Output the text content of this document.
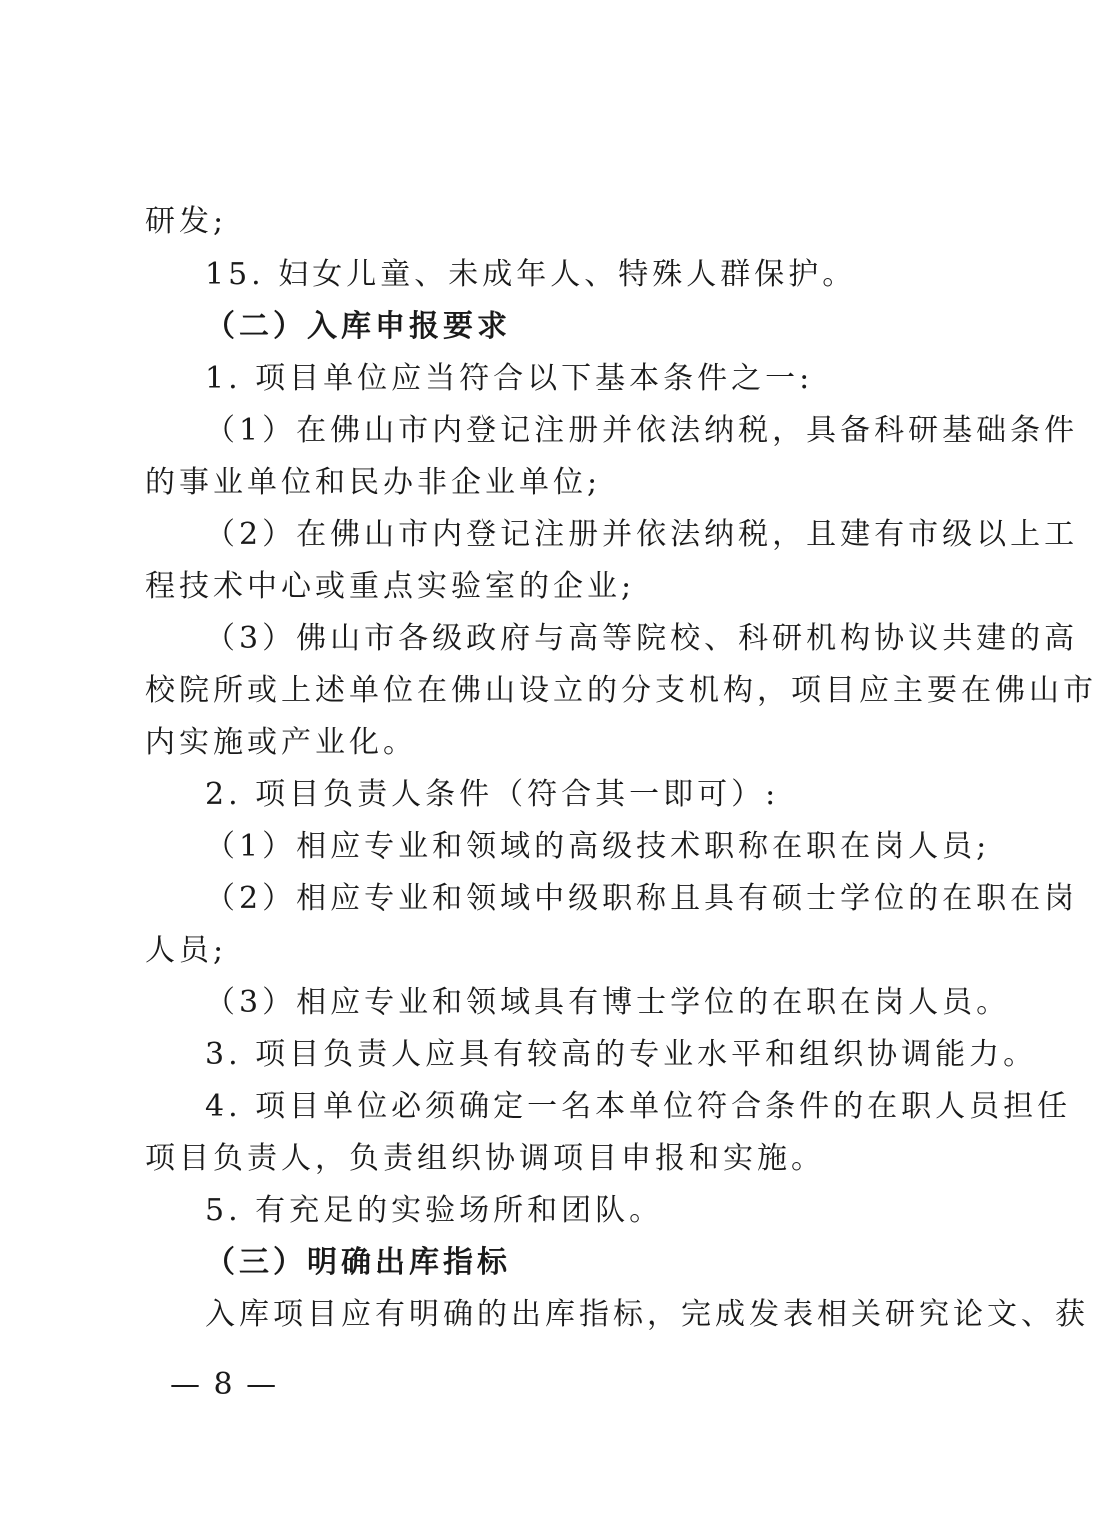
研发;
15. 妇女儿童、未成年人、特殊人群保护。
（二）入库申报要求
1. 项目单位应当符合以下基本条件之一:
（1）在佛山市内登记注册并依法纳税，具备科研基础条件
的事业单位和民办非企业单位;
（2）在佛山市内登记注册并依法纳税，且建有市级以上工
程技术中心或重点实验室的企业;
（3）佛山市各级政府与高等院校、科研机构协议共建的高
校院所或上述单位在佛山设立的分支机构，项目应主要在佛山市
内实施或产业化。
2. 项目负责人条件（符合其一即可）:
（1）相应专业和领域的高级技术职称在职在岗人员;
（2）相应专业和领域中级职称且具有硕士学位的在职在岗
人员;
（3）相应专业和领域具有博士学位的在职在岗人员。
3. 项目负责人应具有较高的专业水平和组织协调能力。
4. 项目单位必须确定一名本单位符合条件的在职人员担任
项目负责人，负责组织协调项目申报和实施。
5. 有充足的实验场所和团队。
（三）明确出库指标
入库项目应有明确的出库指标，完成发表相关研究论文、获
— 8 —
